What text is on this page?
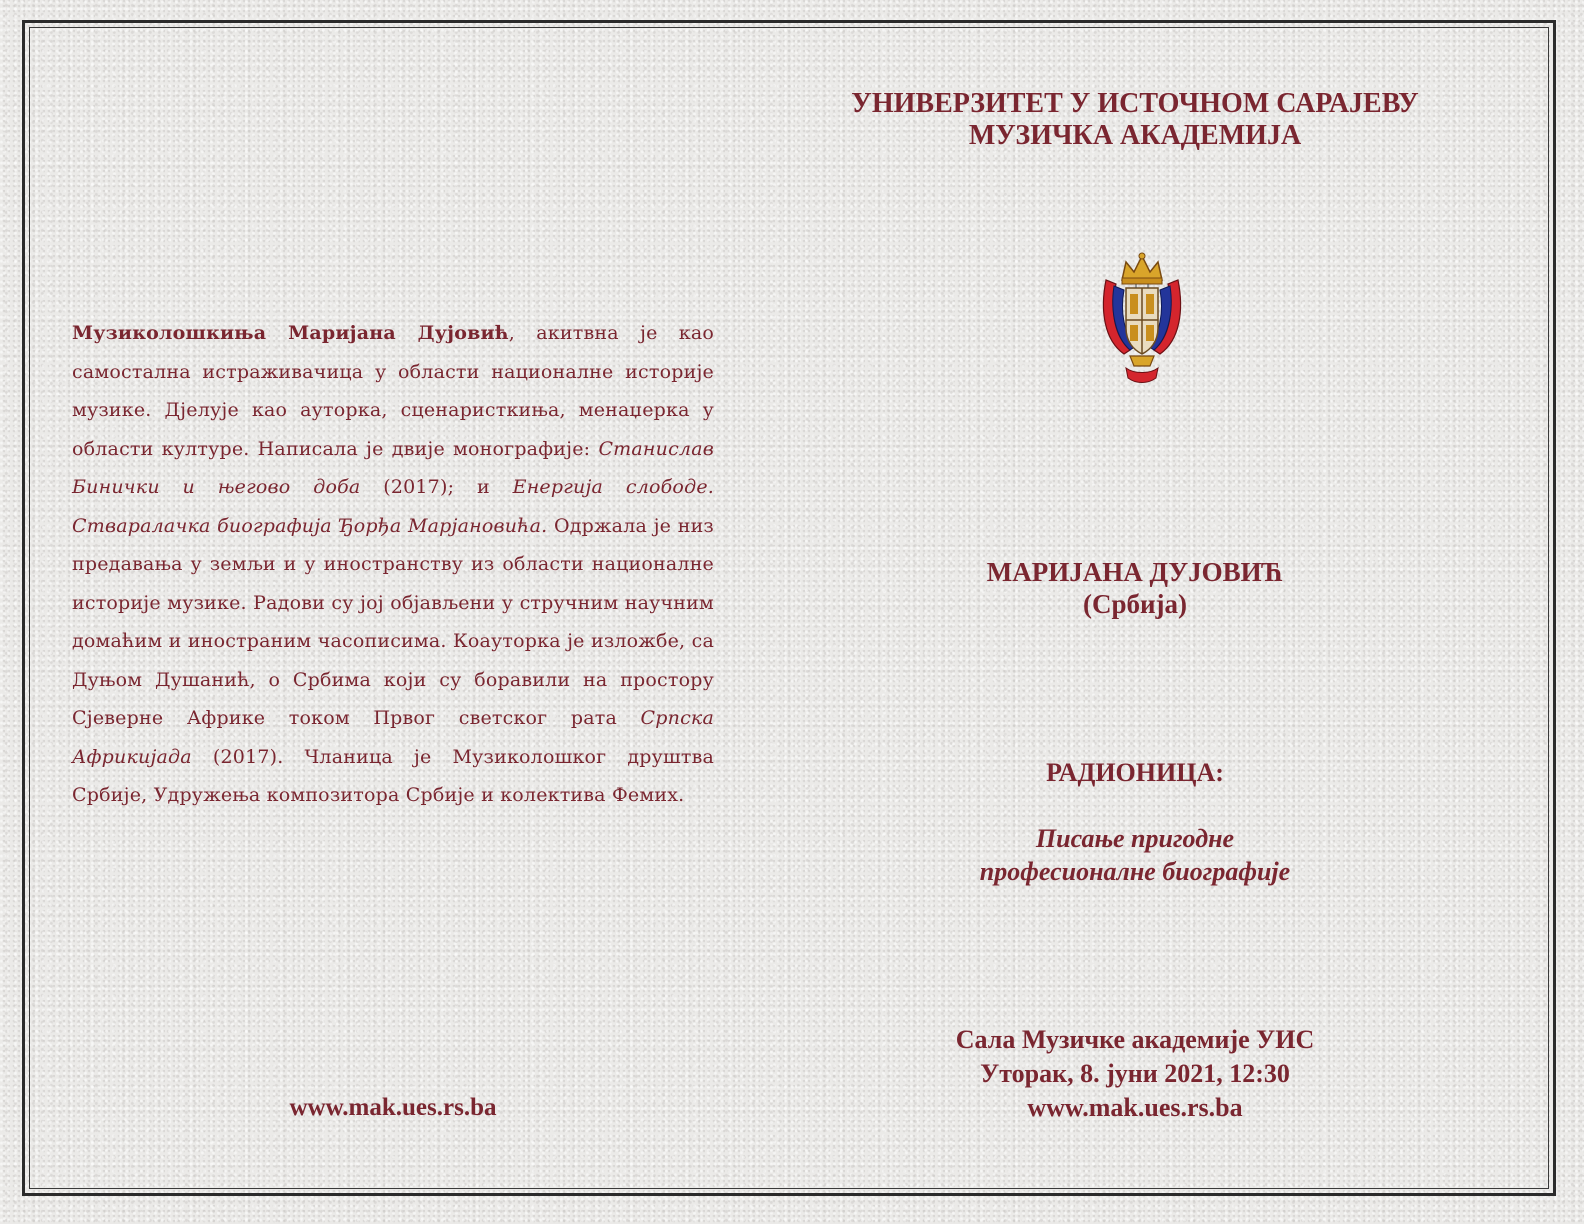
Музиколошкиња Маријана Дујовић, акитвна је као самостална истраживачица у области националне историје музике. Дјелује као ауторка, сценаристкиња, менаџерка у области културе. Написала је двије монографије: Станислав Бинички и његово доба (2017); и Енергија слободе. Стваралачка биографија Ђорђа Марјановића. Одржала је низ предавања у земљи и у иностранству из области националне историје музике. Радови су јој објављени у стручним научним домаћим и иностраним часописима. Коауторка је изложбе, са Дуњом Душанић, о Србима који су боравили на простору Сјеверне Африке током Првог светског рата Српска Африкијада (2017). Чланица је Музиколошког друштва Србије, Удружења композитора Србије и колектива Фемих.
www.mak.ues.rs.ba
УНИВЕРЗИТЕТ У ИСТОЧНОМ САРАЈЕВУ
МУЗИЧКА АКАДЕМИЈА
МАРИЈАНА ДУЈОВИЋ
(Србија)
РАДИОНИЦА:
Писање пригодне
професионалне биографије
Сала Музичке академије УИС
Уторак, 8. јуни 2021, 12:30
www.mak.ues.rs.ba
